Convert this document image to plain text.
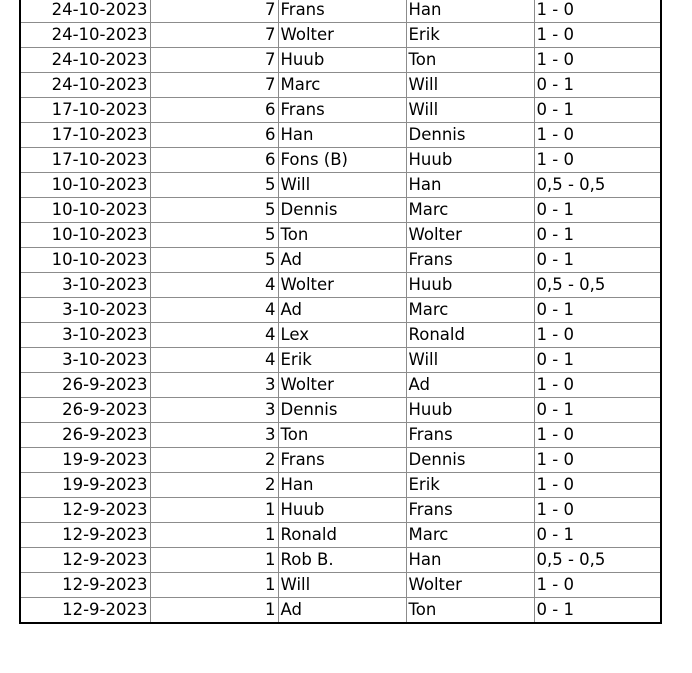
24-10-2023	7	Frans	Han	1 - 0
24-10-2023	7	Wolter	Erik	1 - 0
24-10-2023	7	Huub	Ton	1 - 0
24-10-2023	7	Marc	Will	0 - 1
17-10-2023	6	Frans	Will	0 - 1
17-10-2023	6	Han	Dennis	1 - 0
17-10-2023	6	Fons (B)	Huub	1 - 0
10-10-2023	5	Will	Han	0,5 - 0,5
10-10-2023	5	Dennis	Marc	0 - 1
10-10-2023	5	Ton	Wolter	0 - 1
10-10-2023	5	Ad	Frans	0 - 1
3-10-2023	4	Wolter	Huub	0,5 - 0,5
3-10-2023	4	Ad	Marc	0 - 1
3-10-2023	4	Lex	Ronald	1 - 0
3-10-2023	4	Erik	Will	0 - 1
26-9-2023	3	Wolter	Ad	1 - 0
26-9-2023	3	Dennis	Huub	0 - 1
26-9-2023	3	Ton	Frans	1 - 0
19-9-2023	2	Frans	Dennis	1 - 0
19-9-2023	2	Han	Erik	1 - 0
12-9-2023	1	Huub	Frans	1 - 0
12-9-2023	1	Ronald	Marc	0 - 1
12-9-2023	1	Rob B.	Han	0,5 - 0,5
12-9-2023	1	Will	Wolter	1 - 0
12-9-2023	1	Ad	Ton	0 - 1
